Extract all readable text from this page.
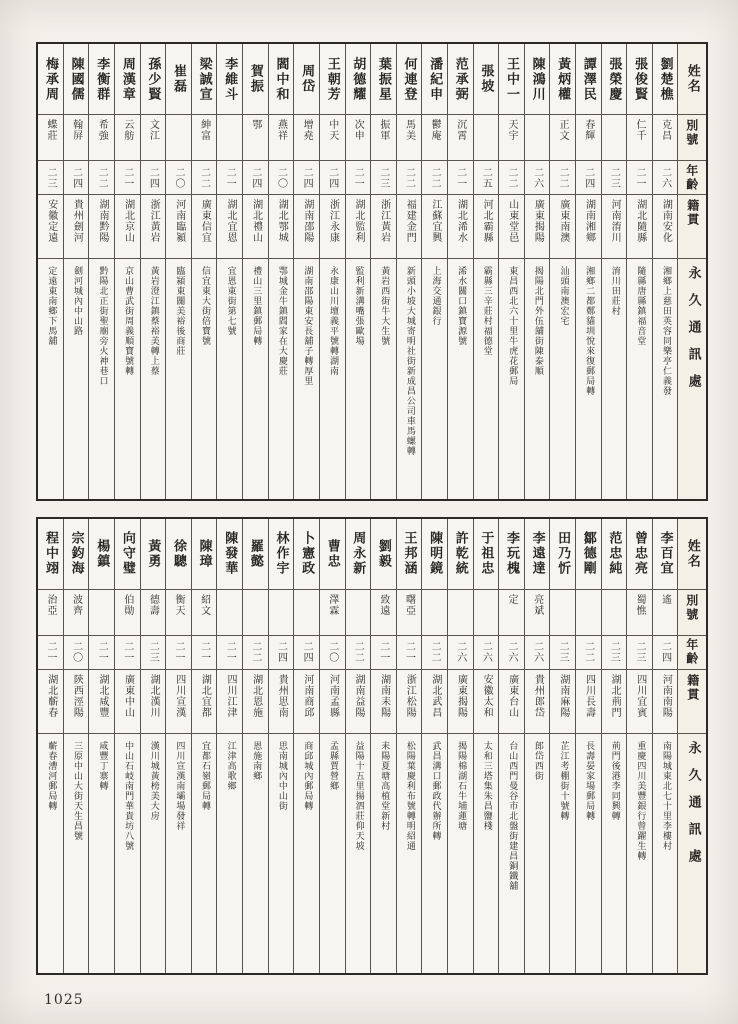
姓名
別號
年齡
籍貫
永久通訊處
劉楚樵
克昌
二六
湖南安化
湘鄉上慈田英容同樂亭仁義發
張俊賢
仁千
二一
湖北隨縣
隨縣唐縣鎮福音堂
張榮慶
二三
河南淯川
淯川田莊村
譚澤民
春輝
二四
湖南湘鄉
湘鄉二都鄭貓圳悅來復郵局轉
黃炳權
正文
二二
廣東南澳
汕頭南澳宏宅
陳鴻川
二六
廣東揭陽
揭陽北門外伍舖街陳泰順
王中一
天宇
二二
山東堂邑
東昌西北六十里牛虎花郵局
張坡
二五
河北霸縣
霸縣三辛莊村福德堂
范承弼
沉霄
二一
湖北浠水
浠水關口鎮寶源號
潘紀申
鬱庵
二二
江蘇宜興
上海交通銀行
何連登
馬美
二二
福建金門
新頭小坡大城寄明社街新成昌公司車馬螺轉
葉振星
振軍
二三
浙江黃岩
黃岩西街牛大生號
胡德耀
次申
二一
湖北監利
監利新溝嘴張歐場
王朝芳
中天
二四
浙江永康
永康山川壇義平號轉湖南
周岱
增堯
二四
湖南邵陽
湖南邵陽東安長舖子轉厚里
閻中和
燕祥
二〇
湖北鄂城
鄂城金牛鎮閻家在大慶莊
賀振
鄂
二四
湖北禮山
禮山三里鎮郵局轉
李維斗
二一
湖北宜恩
宜恩東街第七號
梁誠宣
紳富
二二
廣東信宜
信宜東大街倍寶號
崔磊
二〇
河南臨潁
臨潁東關美裕後商莊
孫少賢
文江
二四
浙江黃岩
黃岩澄江鎮蔡裕美轉上蔡
周漢章
云舫
二一
湖北京山
京山曹武街周義順寶號轉
李衡群
希強
二二
湖南黔陽
黔陽北正街聖廟旁火神巷口
陳國儒
翰屏
二四
貴州劍河
劍河城內中山路
梅承周
蝶莊
二三
安徽定遠
定遠東南鄉下馬舖
姓名
別號
年齡
籍貫
永久通訊處
李百宜
遙
二四
河南南陽
南陽城東北七十里李樓村
曾忠亮
蜀憔
二三
四川宜賓
重慶四川美豐銀行曾躍生轉
范忠純
二三
湖北荊門
荊門後港李同興轉
鄒德剛
二二
四川長壽
長壽晏家場郵局轉
田乃忻
二三
湖南麻陽
芷江考棚街十號轉
李遠達
亮斌
二六
貴州郎岱
郎岱西街
李玩槐
定
二六
廣東台山
台山西門曼谷市北盤街建昌銅鐵舖
于祖忠
二六
安徽太和
太和三塔集朱昌鹽棧
許乾統
二六
廣東揭陽
揭陽棉湖石牛埔蓮塘
陳明鏡
二二
湖北武昌
武昌溝口郵政代辦所轉
王邦涵
曙亞
二一
浙江松陽
松陽葉慶利布號轉明紹通
劉毅
致遠
二一
湖南耒陽
耒陽夏塘高植堂新村
周永新
二二
湖南益陽
益陽十五里揚泗莊仰天坡
曹忠
澤霖
二〇
河南孟縣
孟縣賈營鄉
卜憲政
二四
河南商邱
商邱城內郵局轉
林作宇
二四
貴州思南
思南城內中山街
羅懿
二二
湖北恩施
恩施南鄉
陳發華
二一
四川江津
江津高歌鄉
陳璋
紹文
二一
湖北宜都
宜都石嶺郵局轉
徐驄
衡天
二一
四川宣漢
四川宣漢南壩場發祥
黃勇
德壽
二三
湖北漢川
漢川城黃榜美大房
向守璧
伯勛
二一
廣東中山
中山石岐南門華貴坊八號
楊鎮
二一
湖北咸豐
咸豐丁寨轉
宗鈞海
波齊
二〇
陝西涇陽
三原中山大街天生昌號
程中翊
治亞
二一
湖北蘄春
蘄春漕河郵局轉
1025
